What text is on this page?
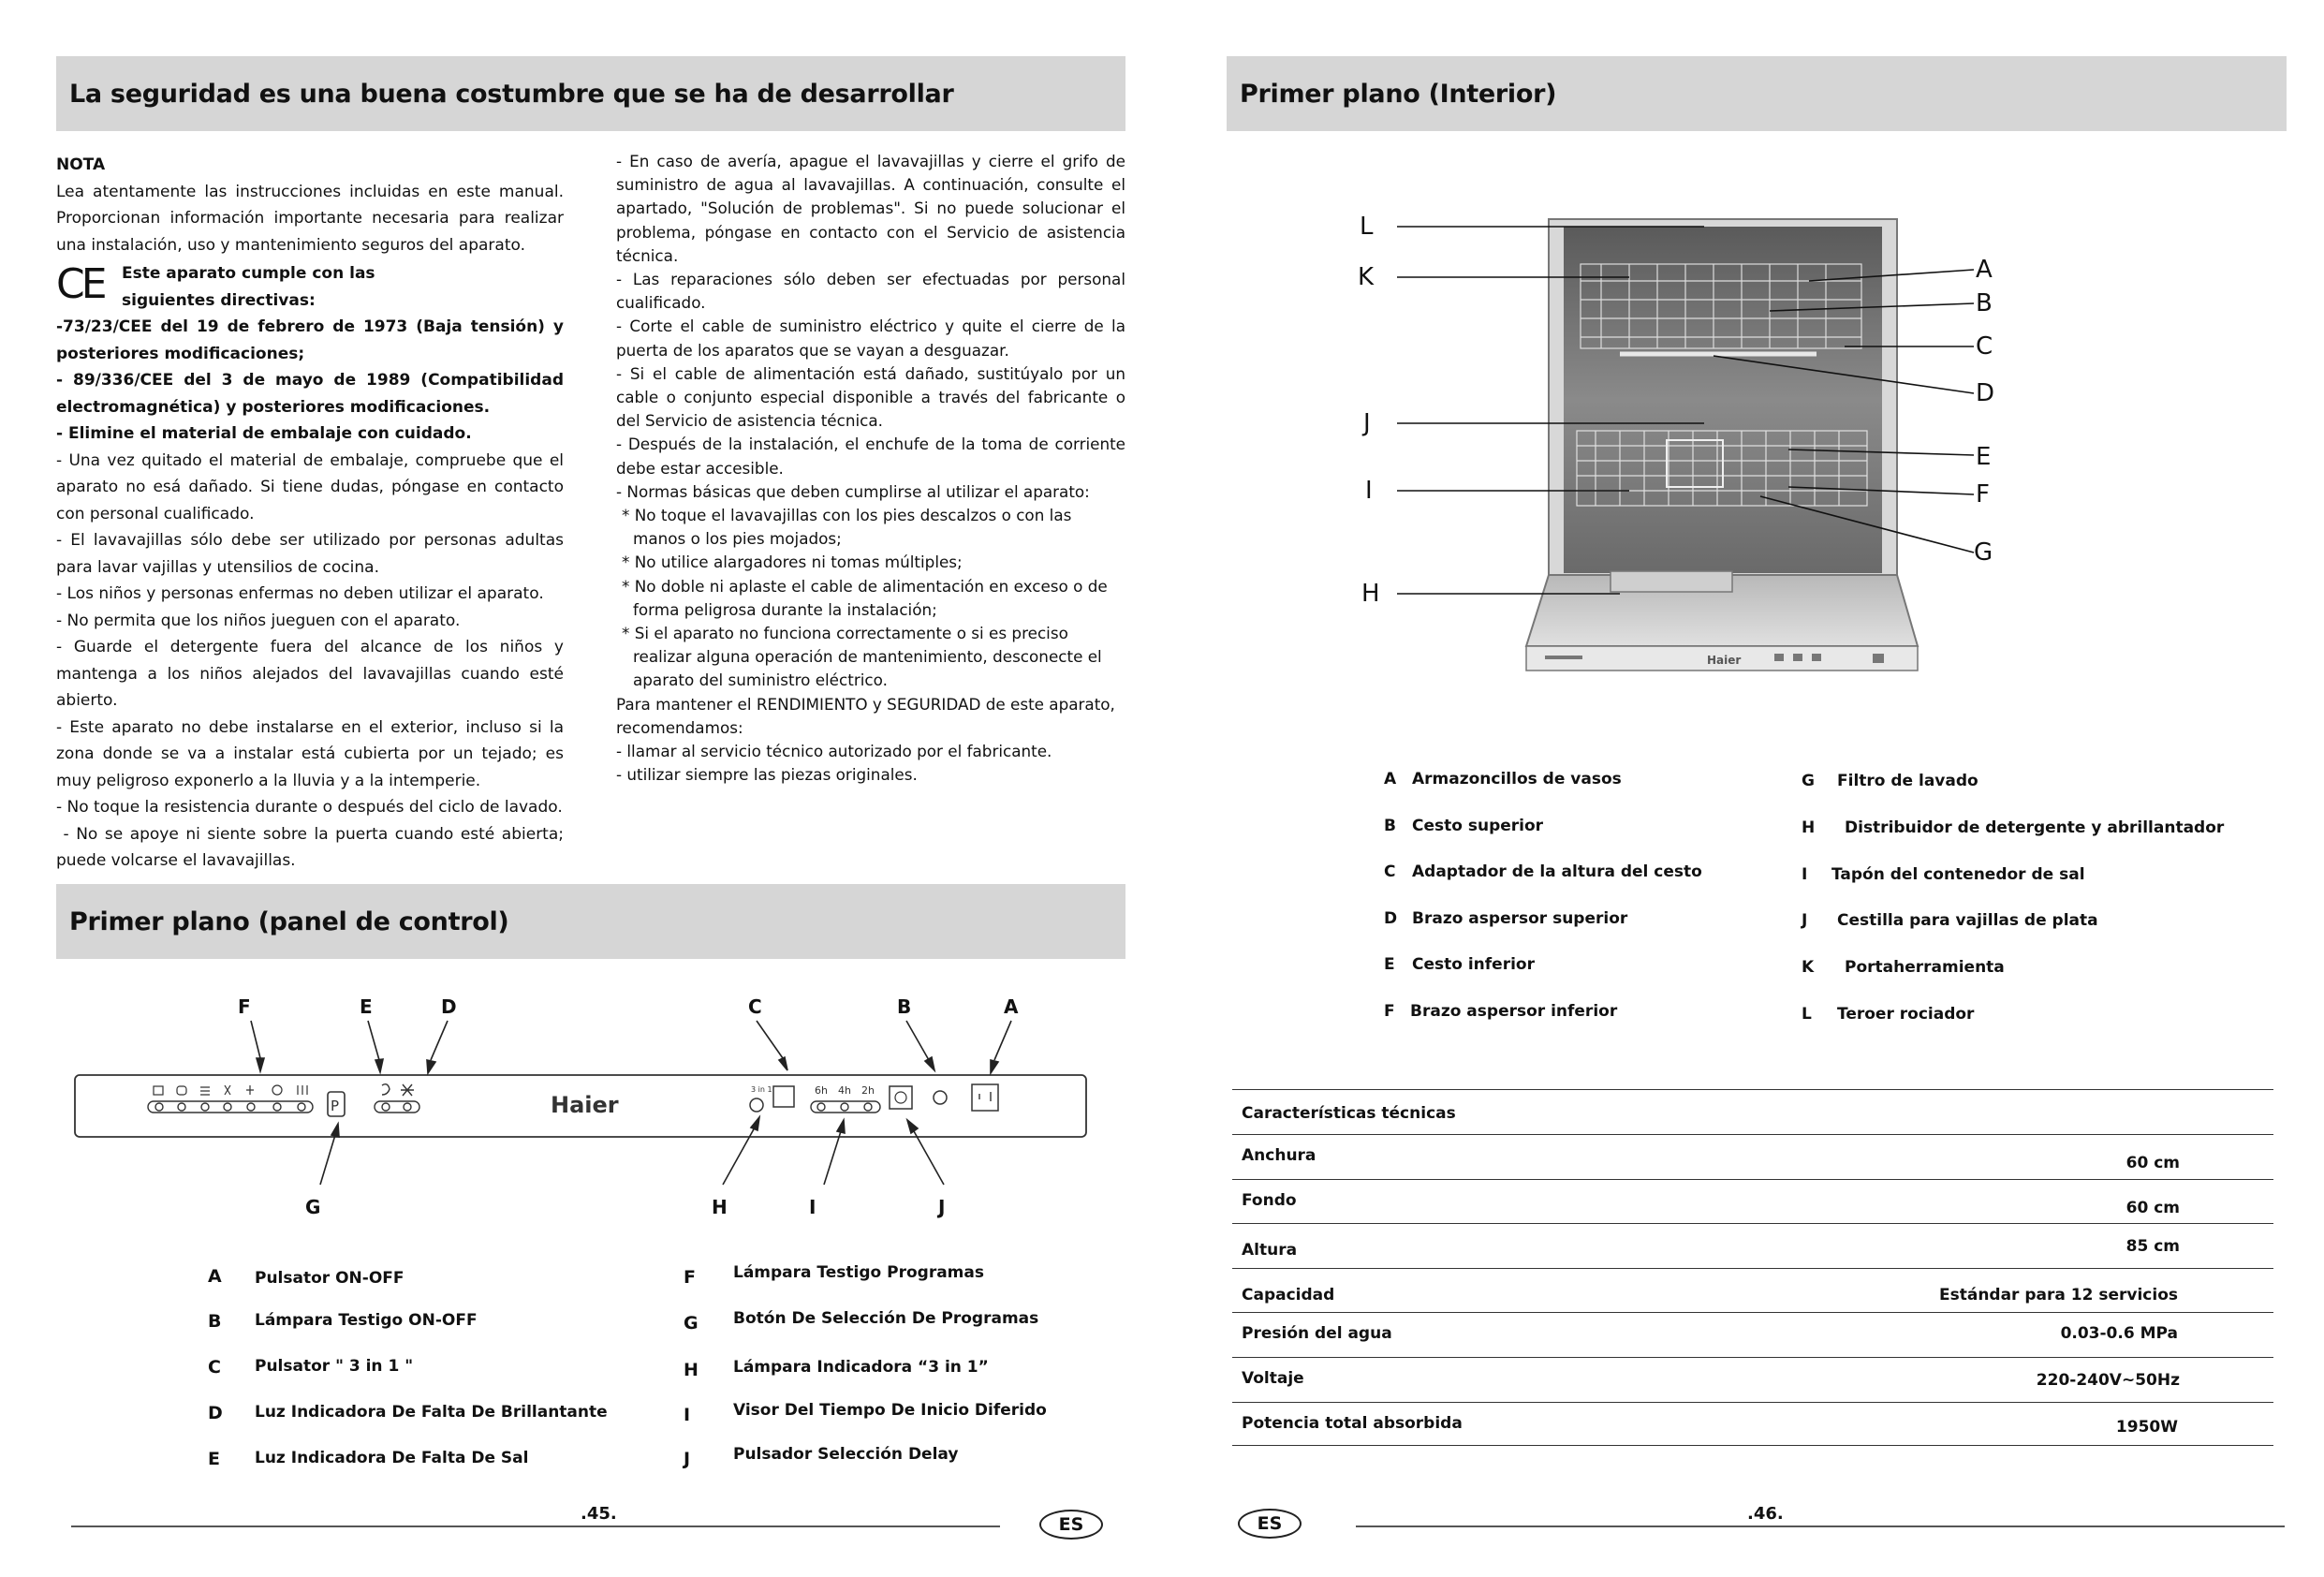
La seguridad es una buena costumbre que se ha de desarrollar

NOTA

Lea atentamente las instrucciones incluidas en este manual. Proporcionan información importante necesaria para realizar una instalación, uso y mantenimiento seguros del aparato.

CE	Este aparato cumple con las siguientes directivas:

-73/23/CEE del 19 de febrero de 1973 (Baja tensión) y posteriores modificaciones;

- 89/336/CEE del 3 de mayo de 1989 (Compatibilidad electromagnética) y posteriores modificaciones.

- Elimine el material de embalaje con cuidado.

- Una vez quitado el material de embalaje, compruebe que el aparato no esá dañado. Si tiene dudas, póngase en contacto con personal cualificado.

- El lavavajillas sólo debe ser utilizado por personas adultas para lavar vajillas y utensilios de cocina.

- Los niños y personas enfermas no deben utilizar el aparato.

- No permita que los niños jueguen con el aparato.

- Guarde el detergente fuera del alcance de los niños y mantenga a los niños alejados del lavavajillas cuando esté abierto.

- Este aparato no debe instalarse en el exterior, incluso si la zona donde se va a instalar está cubierta por un tejado; es muy peligroso exponerlo a la lluvia y a la intemperie.

- No toque la resistencia durante o después del ciclo de lavado.

- No se apoye ni siente sobre la puerta cuando esté abierta; puede volcarse el lavavajillas.

- En caso de avería, apague el lavavajillas y cierre el grifo de suministro de agua al lavavajillas. A continuación, consulte el apartado, "Solución de problemas". Si no puede solucionar el problema, póngase en contacto con el Servicio de asistencia técnica.

- Las reparaciones sólo deben ser efectuadas por personal cualificado.

- Corte el cable de suministro eléctrico y quite el cierre de la puerta de los aparatos que se vayan a desguazar.

- Si el cable de alimentación está dañado, sustitúyalo por un cable o conjunto especial disponible a través del fabricante o del Servicio de asistencia técnica.

- Después de la instalación, el enchufe de la toma de corriente debe estar accesible.

- Normas básicas que deben cumplirse al utilizar el aparato:

* No toque el lavavajillas con los pies descalzos o con las manos o los pies mojados;

* No utilice alargadores ni tomas múltiples;

* No doble ni aplaste el cable de alimentación en exceso o de forma peligrosa durante la instalación;

* Si el aparato no funciona correctamente o si es preciso realizar alguna operación de mantenimiento, desconecte el aparato del suministro eléctrico.

Para mantener el RENDIMIENTO y SEGURIDAD de este aparato, recomendamos:

- llamar al servicio técnico autorizado por el fabricante.

- utilizar siempre las piezas originales.

Primer plano (panel de control)
P	Haier
3 in 1	6h 4h 2h
F	E	D	C	B	A
G	H	I	J
A Pulsator ON-OFF
B Lámpara Testigo ON-OFF
C Pulsator " 3 in 1 "
D Luz Indicadora De Falta De Brillantante
E Luz Indicadora De Falta De Sal
F Lámpara Testigo Programas
G Botón De Selección De Programas
H Lámpara Indicadora “3 in 1”
I	Visor Del Tiempo De Inicio Diferido
J	Pulsador Selección Delay
.45.
ES
Primer plano (Interior)
Haier
L
K
J
I
H
A
B
C
D
E
F
G
A Armazoncillos de vasos
B Cesto superior
C Adaptador de la altura del cesto
D Brazo aspersor superior
E Cesto inferior
F Brazo aspersor inferior
G Filtro de lavado
H Distribuidor de detergente y abrillantador
I Tapón del contenedor de sal
J Cestilla para vajillas de plata
K Portaherramienta
L Teroer rociador
Características técnicas
Anchura	60 cm
Fondo	60 cm
Altura	85 cm
Capacidad	Estándar para 12 servicios
Presión del agua	0.03-0.6 MPa
Voltaje	220-240V~50Hz
Potencia total absorbida	1950W
ES	.46.
